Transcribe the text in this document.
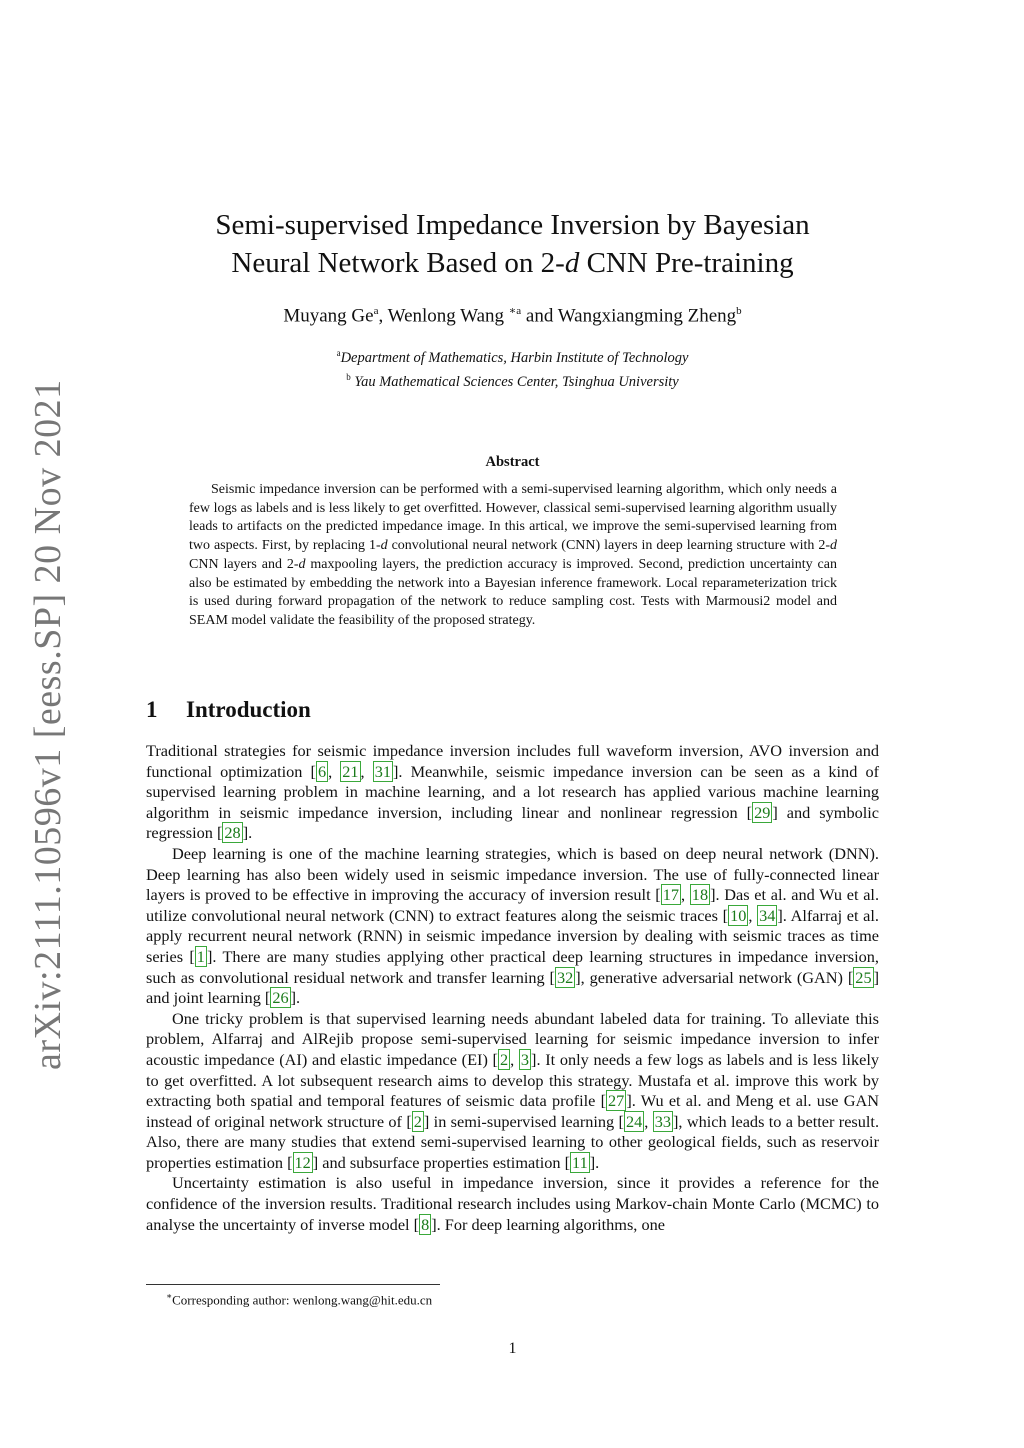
arXiv:2111.10596v1 [eess.SP] 20 Nov 2021
Semi-supervised Impedance Inversion by Bayesian
Neural Network Based on 2-d CNN Pre-training
Muyang Ge$^a$, Wenlong Wang $^{∗a}$ and Wangxiangming Zheng$^b$
$^a$Department of Mathematics, Harbin Institute of Technology
$^b$ Yau Mathematical Sciences Center, Tsinghua University
Abstract

Seismic impedance inversion can be performed with a semi-supervised learning algorithm, which only needs a few logs as labels and is less likely to get overfitted. However, classical semi-supervised learning algorithm usually leads to artifacts on the predicted impedance image. In this artical, we improve the semi-supervised learning from two aspects. First, by replacing 1-d convolutional neural network (CNN) layers in deep learning structure with 2-d CNN layers and 2-d maxpooling layers, the prediction accuracy is improved. Second, prediction uncertainty can also be estimated by embedding the network into a Bayesian inference framework. Local reparameterization trick is used during forward propagation of the network to reduce sampling cost. Tests with Marmousi2 model and SEAM model validate the feasibility of the proposed strategy.

1 Introduction

Traditional strategies for seismic impedance inversion includes full waveform inversion, AVO inversion and functional optimization [ 6 , 21 , 31 ]. Meanwhile, seismic impedance inversion can be seen as a kind of supervised learning problem in machine learning, and a lot research has applied various machine learning algorithm in seismic impedance inversion, including linear and nonlinear regression [ 29 ] and symbolic regression [ 28 ].

Deep learning is one of the machine learning strategies, which is based on deep neural network (DNN). Deep learning has also been widely used in seismic impedance inversion. The use of fully-connected linear layers is proved to be effective in improving the accuracy of inversion result [ 17 , 18 ]. Das et al. and Wu et al. utilize convolutional neural network (CNN) to extract features along the seismic traces [ 10 , 34 ]. Alfarraj et al. apply recurrent neural network (RNN) in seismic impedance inversion by dealing with seismic traces as time series [ 1 ]. There are many studies applying other practical deep learning structures in impedance inversion, such as convolutional residual network and transfer learning [ 32 ], generative adversarial network (GAN) [ 25 ] and joint learning [ 26 ].

One tricky problem is that supervised learning needs abundant labeled data for training. To alleviate this problem, Alfarraj and AlRejib propose semi-supervised learning for seismic impedance inversion to infer acoustic impedance (AI) and elastic impedance (EI) [ 2 , 3 ]. It only needs a few logs as labels and is less likely to get overfitted. A lot subsequent research aims to develop this strategy. Mustafa et al. improve this work by extracting both spatial and temporal features of seismic data profile [ 27 ]. Wu et al. and Meng et al. use GAN instead of original network structure of [ 2 ] in semi-supervised learning [ 24 , 33 ], which leads to a better result. Also, there are many studies that extend semi-supervised learning to other geological fields, such as reservoir properties estimation [ 12 ] and subsurface properties estimation [ 11 ].

Uncertainty estimation is also useful in impedance inversion, since it provides a reference for the confidence of the inversion results. Traditional research includes using Markov-chain Monte Carlo (MCMC) to analyse the uncertainty of inverse model [ 8 ]. For deep learning algorithms, one

∗Corresponding author: wenlong.wang@hit.edu.cn
1
